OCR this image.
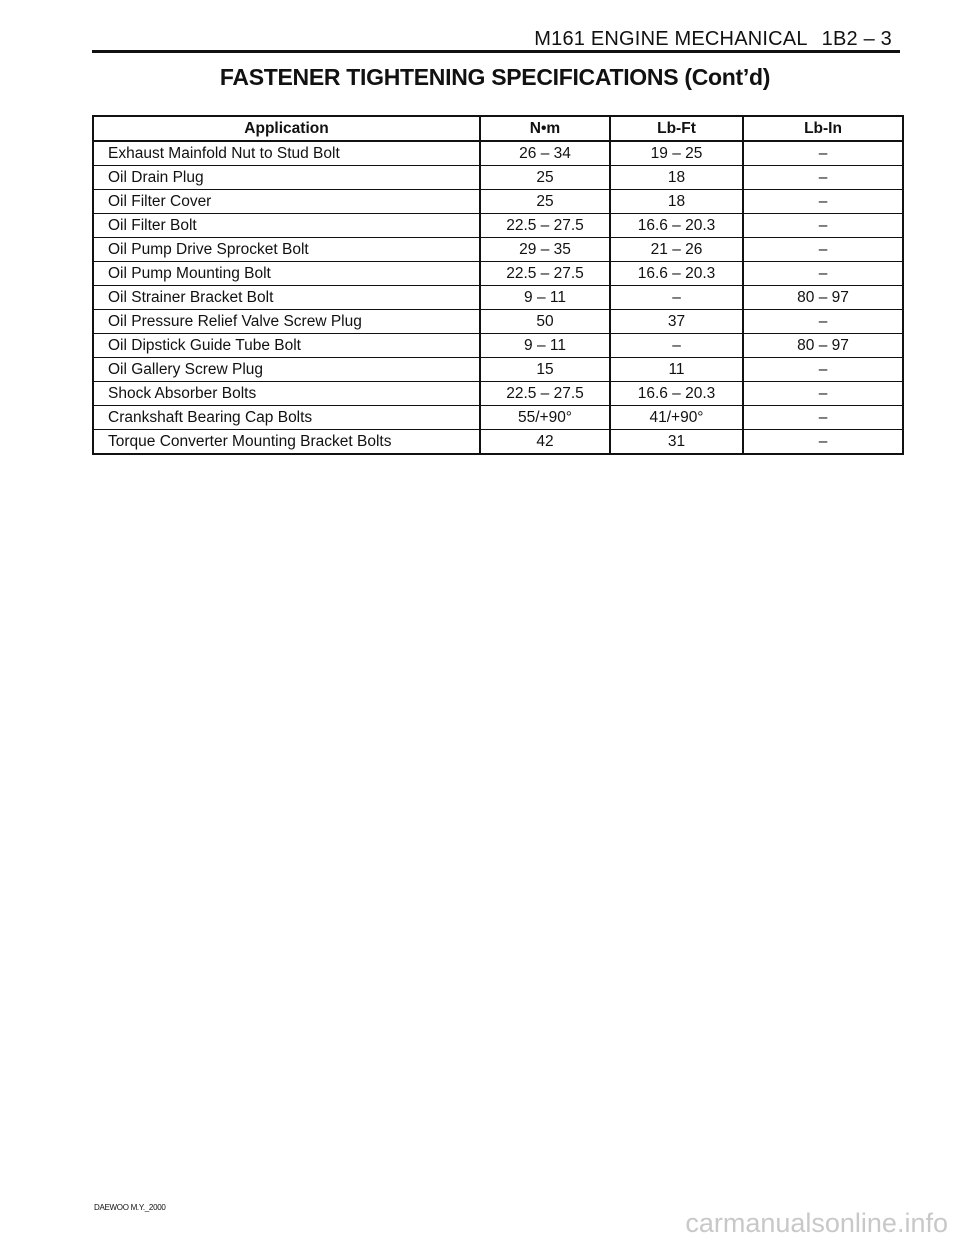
M161 ENGINE MECHANICAL 1B2 – 3
FASTENER TIGHTENING SPECIFICATIONS (Cont’d)
Application	N•m	Lb-Ft	Lb-In
Exhaust Mainfold Nut to Stud Bolt	26 – 34	19 – 25	–
Oil Drain Plug	25	18	–
Oil Filter Cover	25	18	–
Oil Filter Bolt	22.5 – 27.5	16.6 – 20.3	–
Oil Pump Drive Sprocket Bolt	29 – 35	21 – 26	–
Oil Pump Mounting Bolt	22.5 – 27.5	16.6 – 20.3	–
Oil Strainer Bracket Bolt	9 – 11	–	80 – 97
Oil Pressure Relief Valve Screw Plug	50	37	–
Oil Dipstick Guide Tube Bolt	9 – 11	–	80 – 97
Oil Gallery Screw Plug	15	11	–
Shock Absorber Bolts	22.5 – 27.5	16.6 – 20.3	–
Crankshaft Bearing Cap Bolts	55/+90°	41/+90°	–
Torque Converter Mounting Bracket Bolts	42	31	–
DAEWOO M.Y._2000
carmanualsonline.info
